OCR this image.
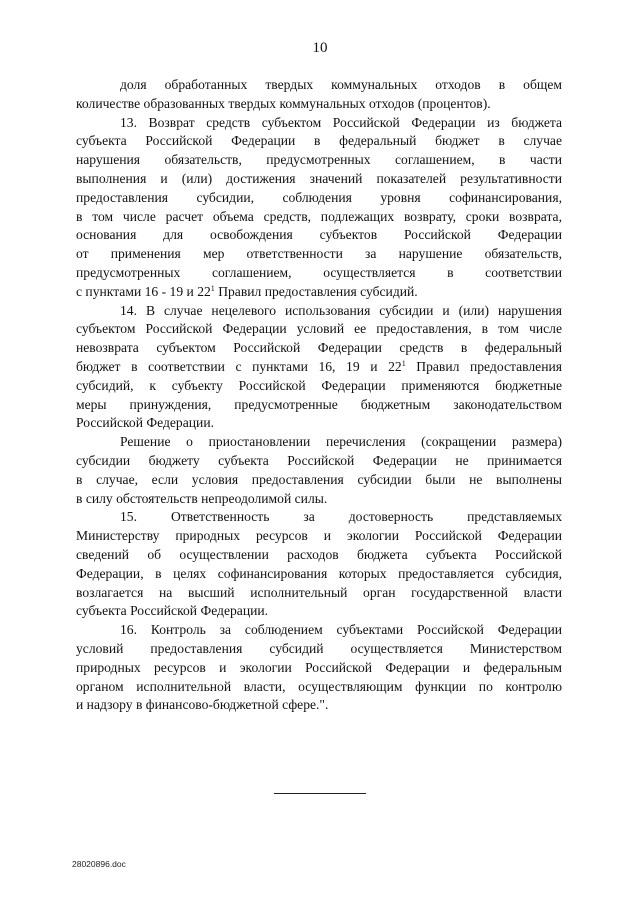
10
доля обработанных твердых коммунальных отходов в общем
количестве образованных твердых коммунальных отходов (процентов).
13. Возврат средств субъектом Российской Федерации из бюджета
субъекта Российской Федерации в федеральный бюджет в случае
нарушения обязательств, предусмотренных соглашением, в части
выполнения и (или) достижения значений показателей результативности
предоставления субсидии, соблюдения уровня софинансирования,
в том числе расчет объема средств, подлежащих возврату, сроки возврата,
основания для освобождения субъектов Российской Федерации
от применения мер ответственности за нарушение обязательств,
предусмотренных соглашением, осуществляется в соответствии
с пунктами 16 - 19 и $22^1$ Правил предоставления субсидий.
14. В случае нецелевого использования субсидии и (или) нарушения
субъектом Российской Федерации условий ее предоставления, в том числе
невозврата субъектом Российской Федерации средств в федеральный
бюджет в соответствии с пунктами 16, 19 и $22^1$ Правил предоставления
субсидий, к субъекту Российской Федерации применяются бюджетные
меры принуждения, предусмотренные бюджетным законодательством
Российской Федерации.
Решение о приостановлении перечисления (сокращении размера)
субсидии бюджету субъекта Российской Федерации не принимается
в случае, если условия предоставления субсидии были не выполнены
в силу обстоятельств непреодолимой силы.
15. Ответственность за достоверность представляемых
Министерству природных ресурсов и экологии Российской Федерации
сведений об осуществлении расходов бюджета субъекта Российской
Федерации, в целях софинансирования которых предоставляется субсидия,
возлагается на высший исполнительный орган государственной власти
субъекта Российской Федерации.
16. Контроль за соблюдением субъектами Российской Федерации
условий предоставления субсидий осуществляется Министерством
природных ресурсов и экологии Российской Федерации и федеральным
органом исполнительной власти, осуществляющим функции по контролю
и надзору в финансово-бюджетной сфере.".
28020896.doc
